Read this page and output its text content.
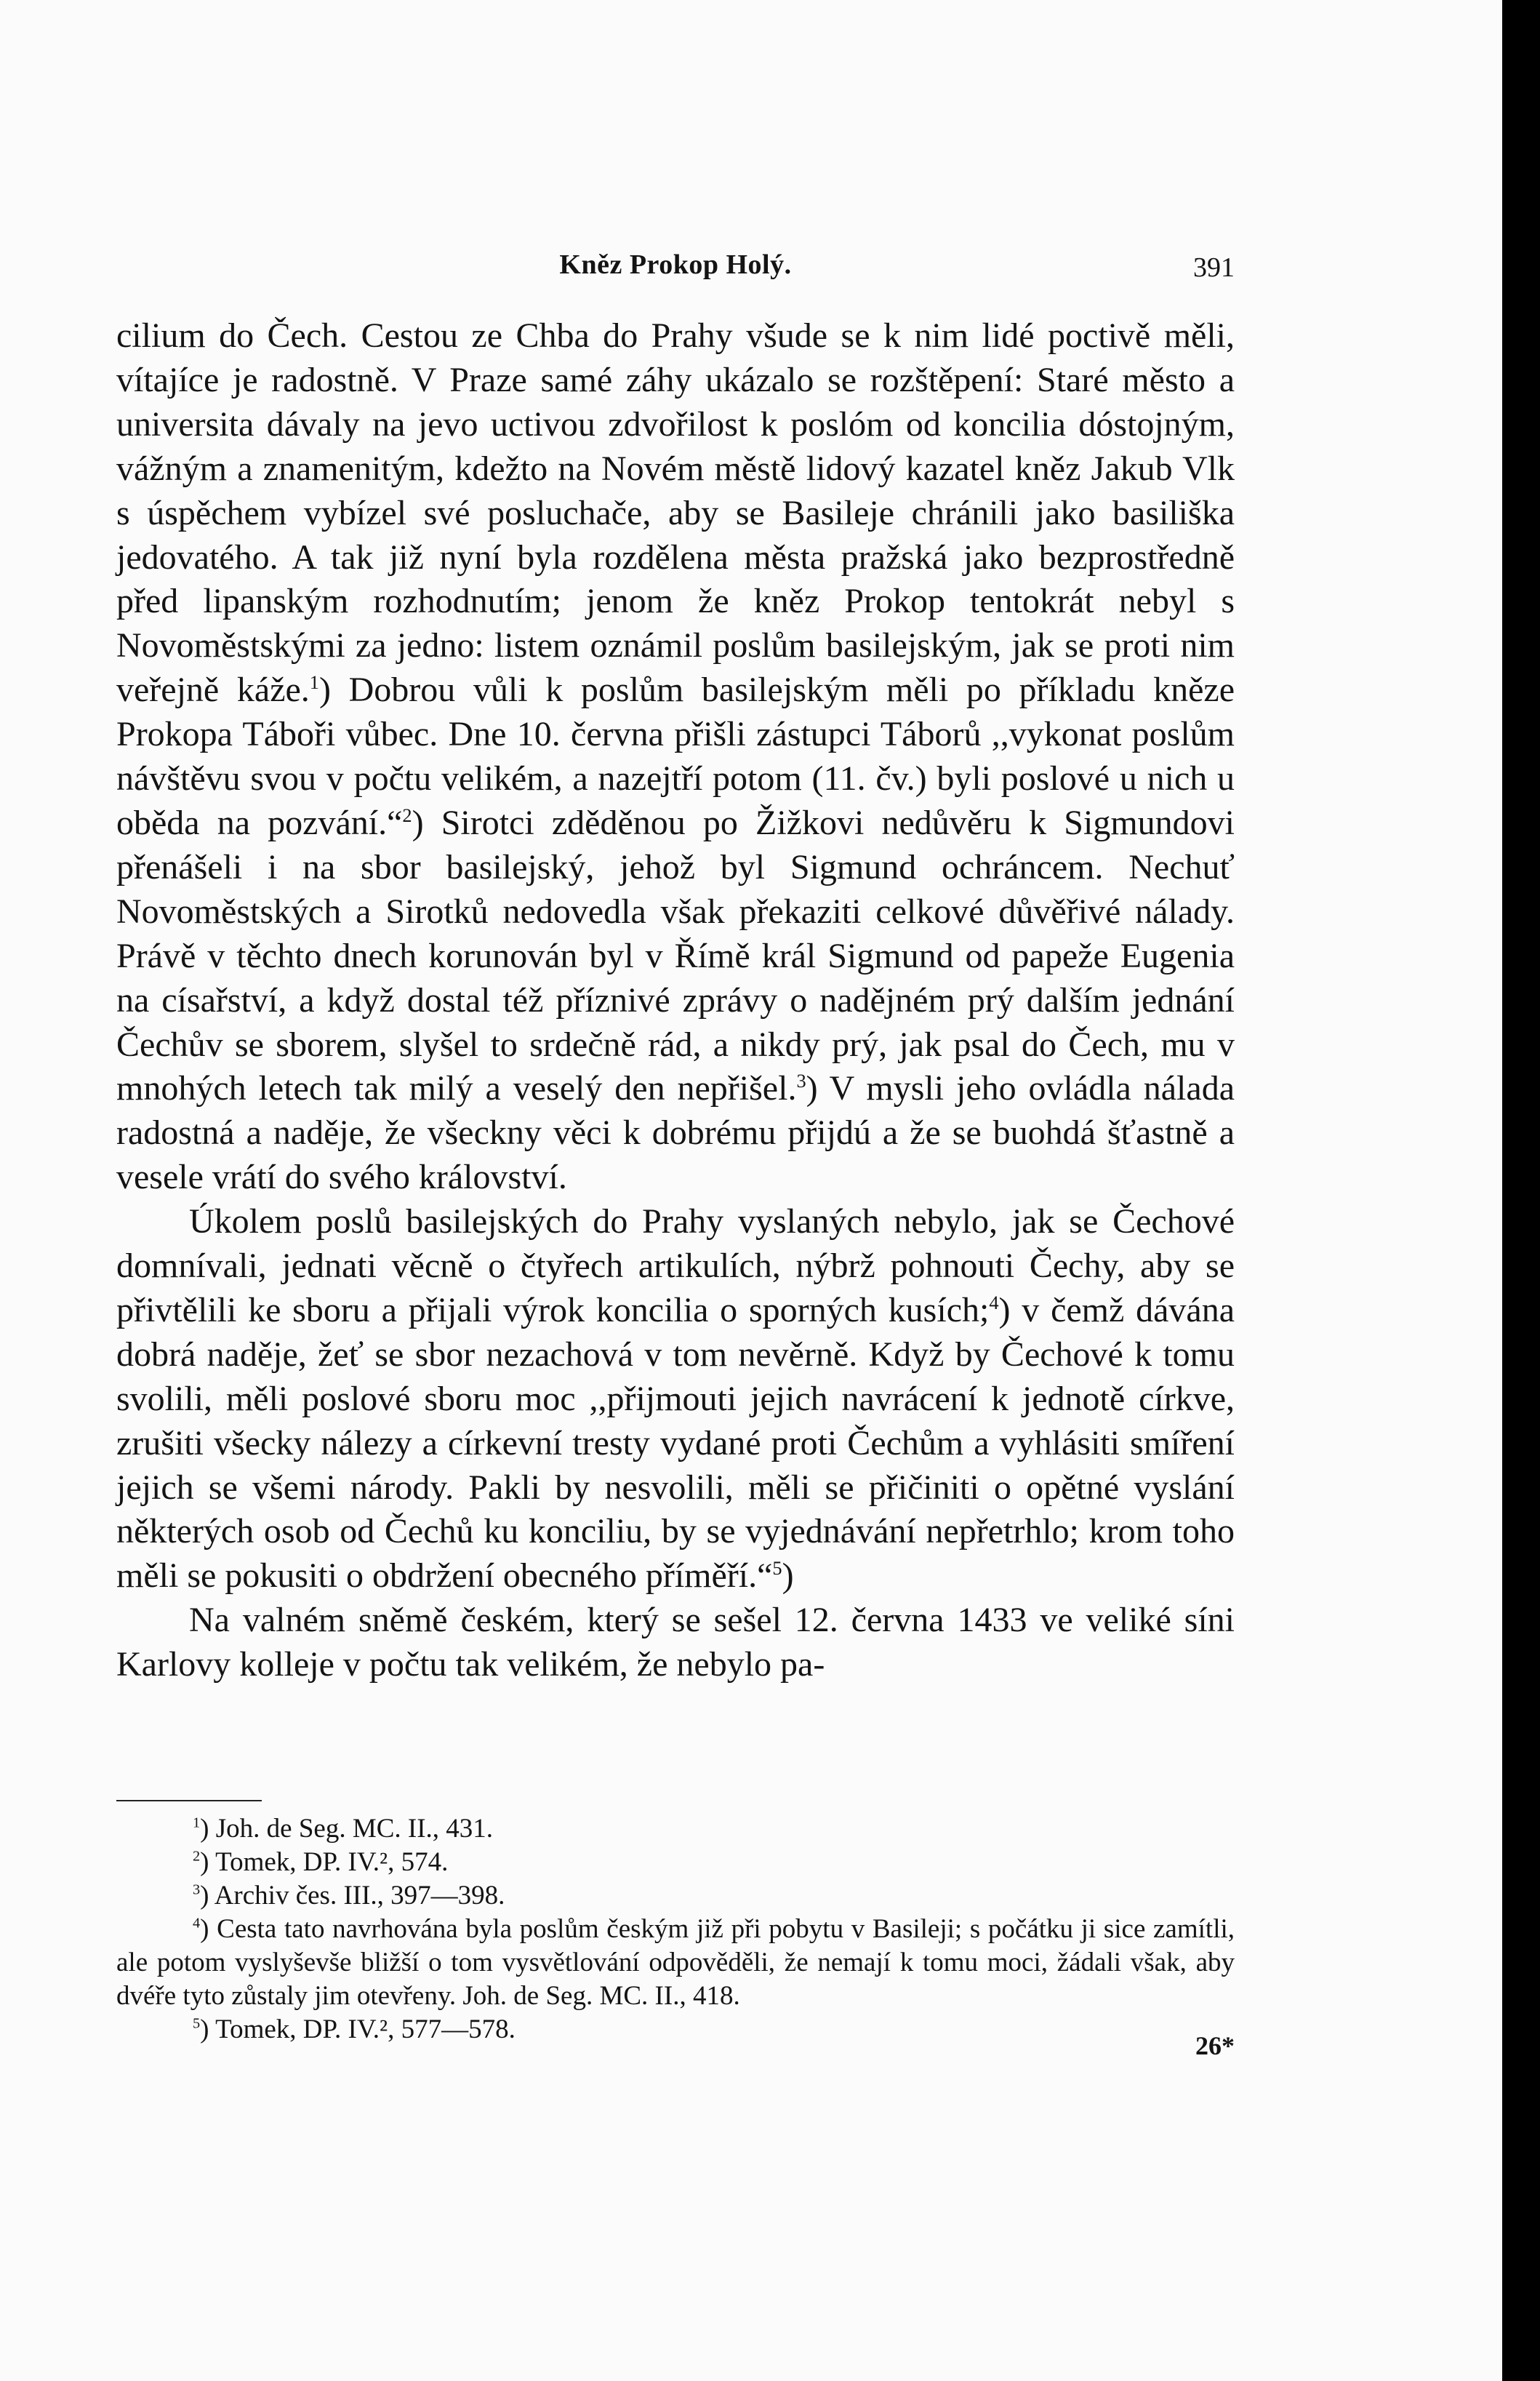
Kněz Prokop Holý.	391

cilium do Čech. Cestou ze Chba do Prahy všude se k nim lidé poctivě měli, vítajíce je radostně. V Praze samé záhy ukázalo se rozštěpení: Staré město a universita dávaly na jevo uctivou zdvořilost k poslóm od koncilia dóstojným, vážným a znamenitým, kdežto na Novém městě lidový kazatel kněz Jakub Vlk s úspěchem vybízel své posluchače, aby se Basileje chránili jako basiliška jedovatého. A tak již nyní byla rozdělena města pražská jako bezprostředně před lipanským rozhodnutím; jenom že kněz Prokop tentokrát nebyl s Novoměstskými za jedno: listem oznámil poslům basilejským, jak se proti nim veřejně káže.$^1$) Dobrou vůli k poslům basilejským měli po příkladu kněze Prokopa Táboři vůbec. Dne 10. června přišli zástupci Táborů ,,vykonat poslům návštěvu svou v počtu velikém, a nazejtří potom (11. čv.) byli poslové u nich u oběda na pozvání.“$^2$) Sirotci zděděnou po Žižkovi nedůvěru k Sigmundovi přenášeli i na sbor basilejský, jehož byl Sigmund ochráncem. Nechuť Novoměstských a Sirotků nedovedla však překaziti celkové důvěřivé nálady. Právě v těchto dnech korunován byl v Římě král Sigmund od papeže Eugenia na císařství, a když dostal též příznivé zprávy o nadějném prý dalším jednání Čechův se sborem, slyšel to srdečně rád, a nikdy prý, jak psal do Čech, mu v mnohých letech tak milý a veselý den nepřišel.$^3$) V mysli jeho ovládla nálada radostná a naděje, že všeckny věci k dobrému přijdú a že se buohdá šťastně a vesele vrátí do svého království.

Úkolem poslů basilejských do Prahy vyslaných nebylo, jak se Čechové domnívali, jednati věcně o čtyřech artikulích, nýbrž pohnouti Čechy, aby se přivtělili ke sboru a přijali výrok koncilia o sporných kusích;$^4$) v čemž dávána dobrá naděje, žeť se sbor nezachová v tom nevěrně. Když by Čechové k tomu svolili, měli poslové sboru moc ,,přijmouti jejich navrácení k jednotě církve, zrušiti všecky nálezy a církevní tresty vydané proti Čechům a vyhlásiti smíření jejich se všemi národy. Pakli by nesvolili, měli se přičiniti o opětné vyslání některých osob od Čechů ku konciliu, by se vyjednávání nepřetrhlo; krom toho měli se pokusiti o obdržení obecného příměří.“$^5$)

Na valném sněmě českém, který se sešel 12. června 1433 ve veliké síni Karlovy kolleje v počtu tak velikém, že nebylo pa-

$^1$) Joh. de Seg. MC. II., 431.

$^2$) Tomek, DP. IV.², 574.

$^3$) Archiv čes. III., 397—398.

$^4$) Cesta tato navrhována byla poslům českým již při pobytu v Basileji; s počátku ji sice zamítli, ale potom vyslyševše bližší o tom vysvětlování odpověděli, že nemají k tomu moci, žádali však, aby dvéře tyto zůstaly jim otevřeny. Joh. de Seg. MC. II., 418.

$^5$) Tomek, DP. IV.², 577—578.

26*
